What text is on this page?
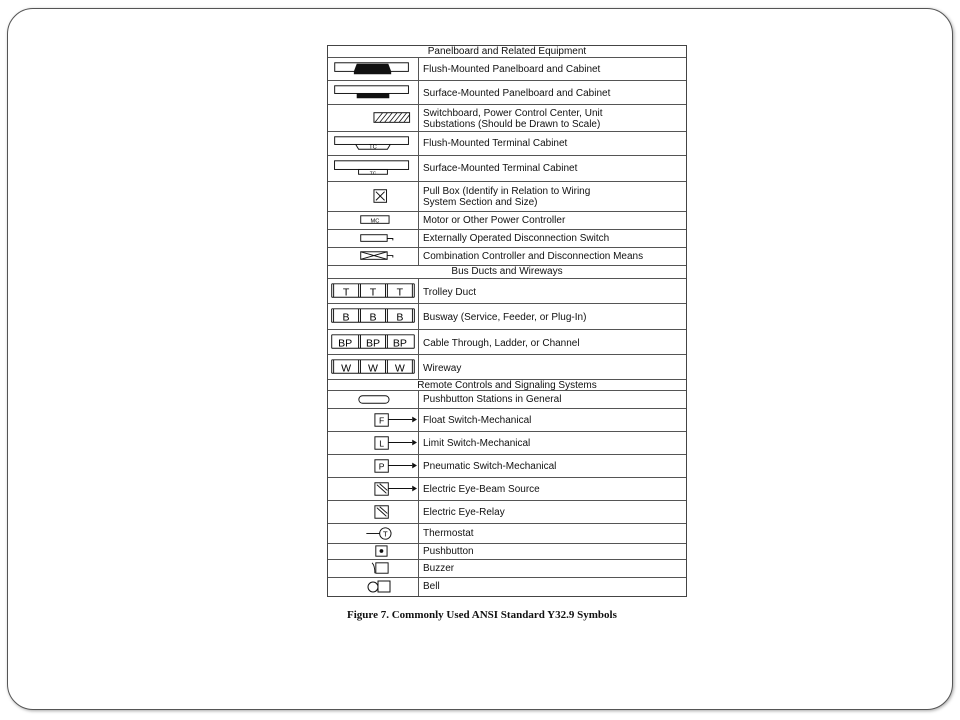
Panelboard and Related Equipment
Flush-Mounted Panelboard and Cabinet
Surface-Mounted Panelboard and Cabinet
Switchboard, Power Control Center, Unit
Substations (Should be Drawn to Scale)
TC	Flush-Mounted Terminal Cabinet
TC	Surface-Mounted Terminal Cabinet
Pull Box (Identify in Relation to Wiring
System Section and Size)
MC	Motor or Other Power Controller
Externally Operated Disconnection Switch
Combination Controller and Disconnection Means
Bus Ducts and Wireways
T T T Trolley Duct
B B B Busway (Service, Feeder, or Plug-In)
BP BP BP Cable Through, Ladder, or Channel
W W W Wireway
Remote Controls and Signaling Systems
Pushbutton Stations in General
F	Float Switch-Mechanical
L	Limit Switch-Mechanical
P	Pneumatic Switch-Mechanical
Electric Eye-Beam Source
Electric Eye-Relay
T	Thermostat
Pushbutton
Buzzer
Bell
Figure 7. Commonly Used ANSI Standard Y32.9 Symbols
